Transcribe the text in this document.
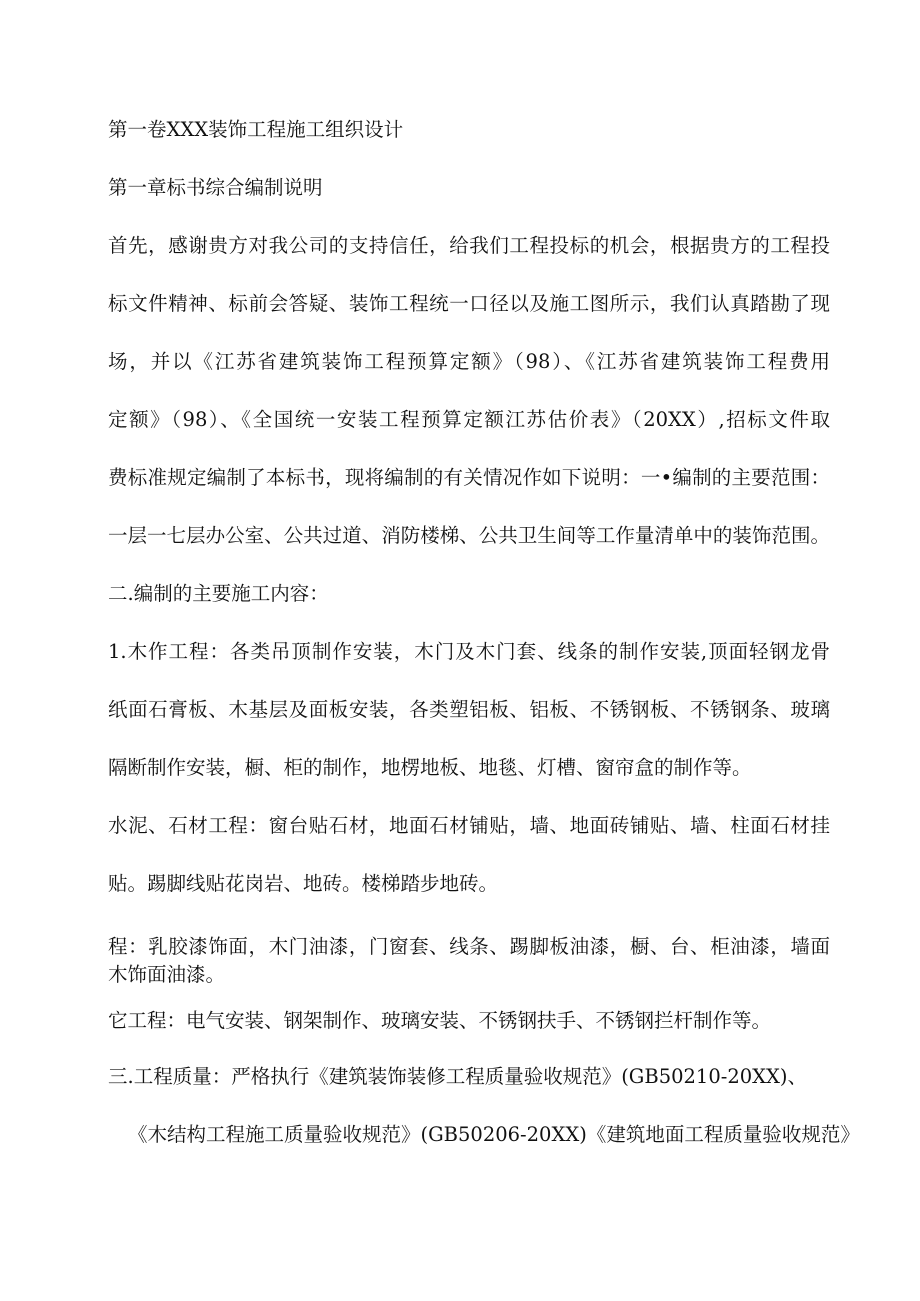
第一卷XXX装饰工程施工组织设计

第一章标书综合编制说明

首先，感谢贵方对我公司的支持信任，给我们工程投标的机会，根据贵方的工程投

标文件精神、标前会答疑、装饰工程统一口径以及施工图所示，我们认真踏勘了现

场，并以《江苏省建筑装饰工程预算定额》（98）、《江苏省建筑装饰工程费用

定额》（98）、《全国统一安装工程预算定额江苏估价表》（20XX）,招标文件取

费标准规定编制了本标书，现将编制的有关情况作如下说明：一•编制的主要范围：

一层一七层办公室、公共过道、消防楼梯、公共卫生间等工作量清单中的装饰范围。

二.编制的主要施工内容：

1.木作工程：各类吊顶制作安装，木门及木门套、线条的制作安装,顶面轻钢龙骨

纸面石膏板、木基层及面板安装，各类塑铝板、铝板、不锈钢板、不锈钢条、玻璃

隔断制作安装，橱、柜的制作，地楞地板、地毯、灯槽、窗帘盒的制作等。

水泥、石材工程：窗台贴石材，地面石材铺贴，墙、地面砖铺贴、墙、柱面石材挂

贴。踢脚线贴花岗岩、地砖。楼梯踏步地砖。

程：乳胶漆饰面，木门油漆，门窗套、线条、踢脚板油漆，橱、台、柜油漆，墙面

木饰面油漆。

它工程：电气安装、钢架制作、玻璃安装、不锈钢扶手、不锈钢拦杆制作等。

三.工程质量：严格执行《建筑装饰装修工程质量验收规范》(GB50210-20XX)、

《木结构工程施工质量验收规范》(GB50206-20XX)《建筑地面工程质量验收规范》
